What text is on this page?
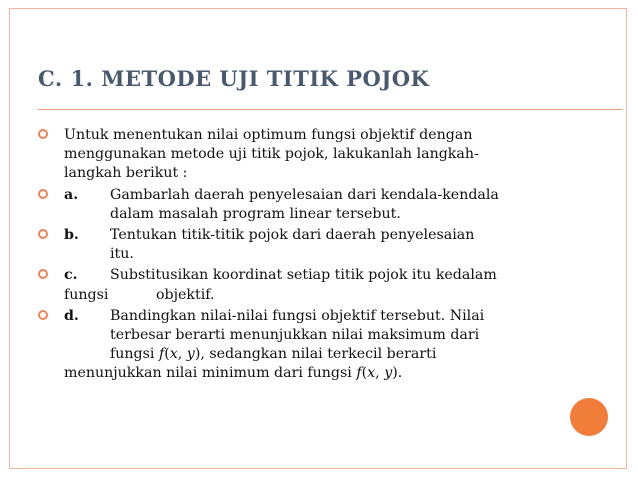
C. 1. METODE UJI TITIK POJOK
Untuk menentukan nilai optimum fungsi objektif dengan
menggunakan metode uji titik pojok, lakukanlah langkah-
langkah berikut :
a. Gambarlah daerah penyelesaian dari kendala-kendala
dalam masalah program linear tersebut.
b. Tentukan titik-titik pojok dari daerah penyelesaian
itu.
c. Substitusikan koordinat setiap titik pojok itu kedalam
fungsi	objektif.
d. Bandingkan nilai-nilai fungsi objektif tersebut. Nilai
terbesar berarti menunjukkan nilai maksimum dari
fungsi f(x, y), sedangkan nilai terkecil berarti
menunjukkan nilai minimum dari fungsi f(x, y).
